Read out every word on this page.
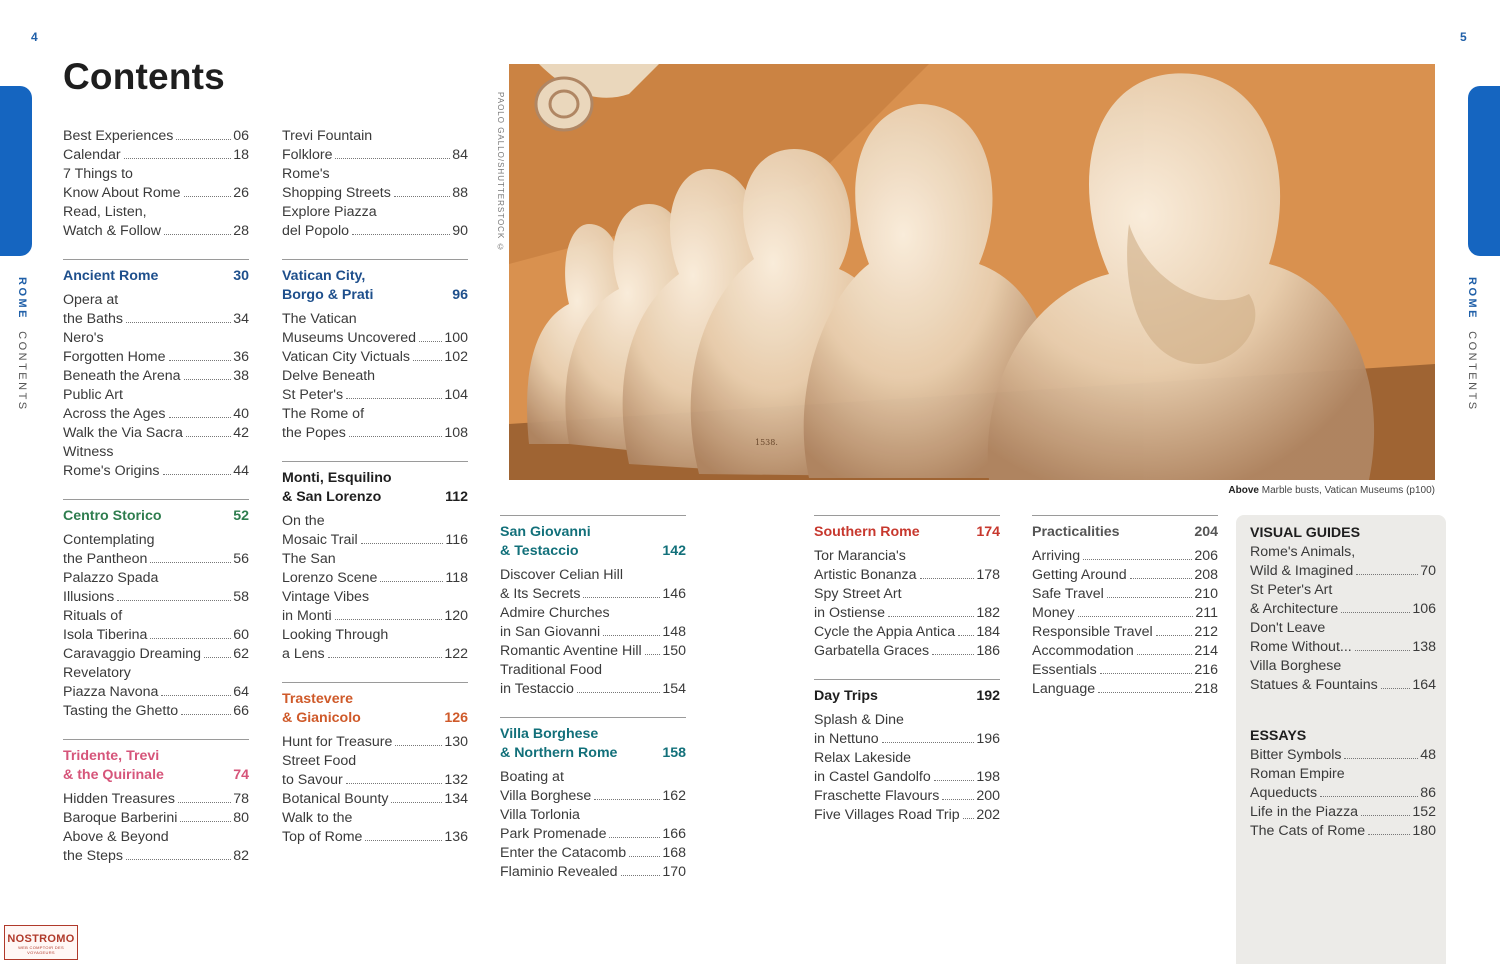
4	5
ROME  CONTENTS
ROME  CONTENTS
Contents
Best Experiences	06
Calendar	18
7 Things to
Know About Rome	26
Read, Listen,
Watch & Follow	28
Ancient Rome	30
Opera at
the Baths	34
Nero's
Forgotten Home	36
Beneath the Arena	38
Public Art
Across the Ages	40
Walk the Via Sacra	42
Witness
Rome's Origins	44
Centro Storico	52
Contemplating
the Pantheon	56
Palazzo Spada
Illusions	58
Rituals of
Isola Tiberina	60
Caravaggio Dreaming 62
Revelatory
Piazza Navona	64
Tasting the Ghetto	66
Tridente, Trevi
& the Quirinale	74
Hidden Treasures	78
Baroque Barberini	80
Above & Beyond
the Steps	82
Trevi Fountain
Folklore	84
Rome's
Shopping Streets	88
Explore Piazza
del Popolo	90
Vatican City,
Borgo & Prati	96
The Vatican
Museums Uncovered 100
Vatican City Victuals 102
Delve Beneath
St Peter's	104
The Rome of
the Popes	108
Monti, Esquilino
& San Lorenzo	112
On the
Mosaic Trail	116
The San
Lorenzo Scene	118
Vintage Vibes
in Monti	120
Looking Through
a Lens	122
Trastevere
& Gianicolo	126
Hunt for Treasure	130
Street Food
to Savour	132
Botanical Bounty	134
Walk to the
Top of Rome	136
PAOLO GALLO/SHUTTERSTOCK ©
1538.
Above Marble busts, Vatican Museums (p100)
San Giovanni
& Testaccio	142
Discover Celian Hill
& Its Secrets	146
Admire Churches
in San Giovanni	148
Romantic Aventine Hill 150
Traditional Food
in Testaccio	154
Villa Borghese
& Northern Rome	158
Boating at
Villa Borghese	162
Villa Torlonia
Park Promenade	166
Enter the Catacomb	168
Flaminio Revealed	170
Southern Rome	174
Tor Marancia's
Artistic Bonanza	178
Spy Street Art
in Ostiense	182
Cycle the Appia Antica 184
Garbatella Graces	186
Day Trips	192
Splash & Dine
in Nettuno	196
Relax Lakeside
in Castel Gandolfo	198
Fraschette Flavours	200
Five Villages Road Trip 202
Practicalities	204
Arriving	206
Getting Around	208
Safe Travel	210
Money	211
Responsible Travel	212
Accommodation	214
Essentials	216
Language	218
VISUAL GUIDES
Rome's Animals,
Wild & Imagined	70
St Peter's Art
& Architecture	106
Don't Leave
Rome Without...	138
Villa Borghese
Statues & Fountains 164
ESSAYS
Bitter Symbols	48
Roman Empire
Aqueducts	86
Life in the Piazza	152
The Cats of Rome	180
NOSTROMO
WEB COMPTOIR DES VOYAGEURS
